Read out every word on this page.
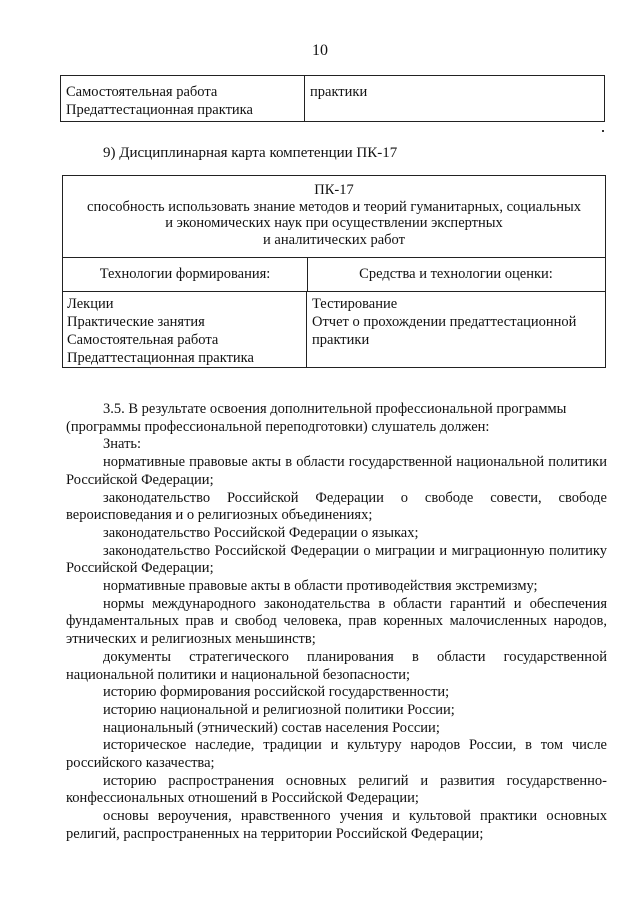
10
Самостоятельная работа
Предаттестационная практика
практики
9) Дисциплинарная карта компетенции ПК-17
ПК-17
способность использовать знание методов и теорий гуманитарных, социальных
и экономических наук при осуществлении экспертных
и аналитических работ
Технологии формирования:	Средства и технологии оценки:
Лекции
Практические занятия
Самостоятельная работа
Предаттестационная практика
Тестирование
Отчет о прохождении предаттестационной
практики

3.5. В результате освоения дополнительной профессиональной программы

(программы профессиональной переподготовки) слушатель должен:

Знать:

нормативные правовые акты в области государственной национальной политики Российской Федерации;

законодательство Российской Федерации о свободе совести, свободе вероисповедания и о религиозных объединениях;

законодательство Российской Федерации о языках;

законодательство Российской Федерации о миграции и миграционную политику Российской Федерации;

нормативные правовые акты в области противодействия экстремизму;

нормы международного законодательства в области гарантий и обеспечения фундаментальных прав и свобод человека, прав коренных малочисленных народов, этнических и религиозных меньшинств;

документы стратегического планирования в области государственной национальной политики и национальной безопасности;

историю формирования российской государственности;

историю национальной и религиозной политики России;

национальный (этнический) состав населения России;

историческое наследие, традиции и культуру народов России, в том числе российского казачества;

историю распространения основных религий и развития государственно-конфессиональных отношений в Российской Федерации;

основы вероучения, нравственного учения и культовой практики основных религий, распространенных на территории Российской Федерации;
